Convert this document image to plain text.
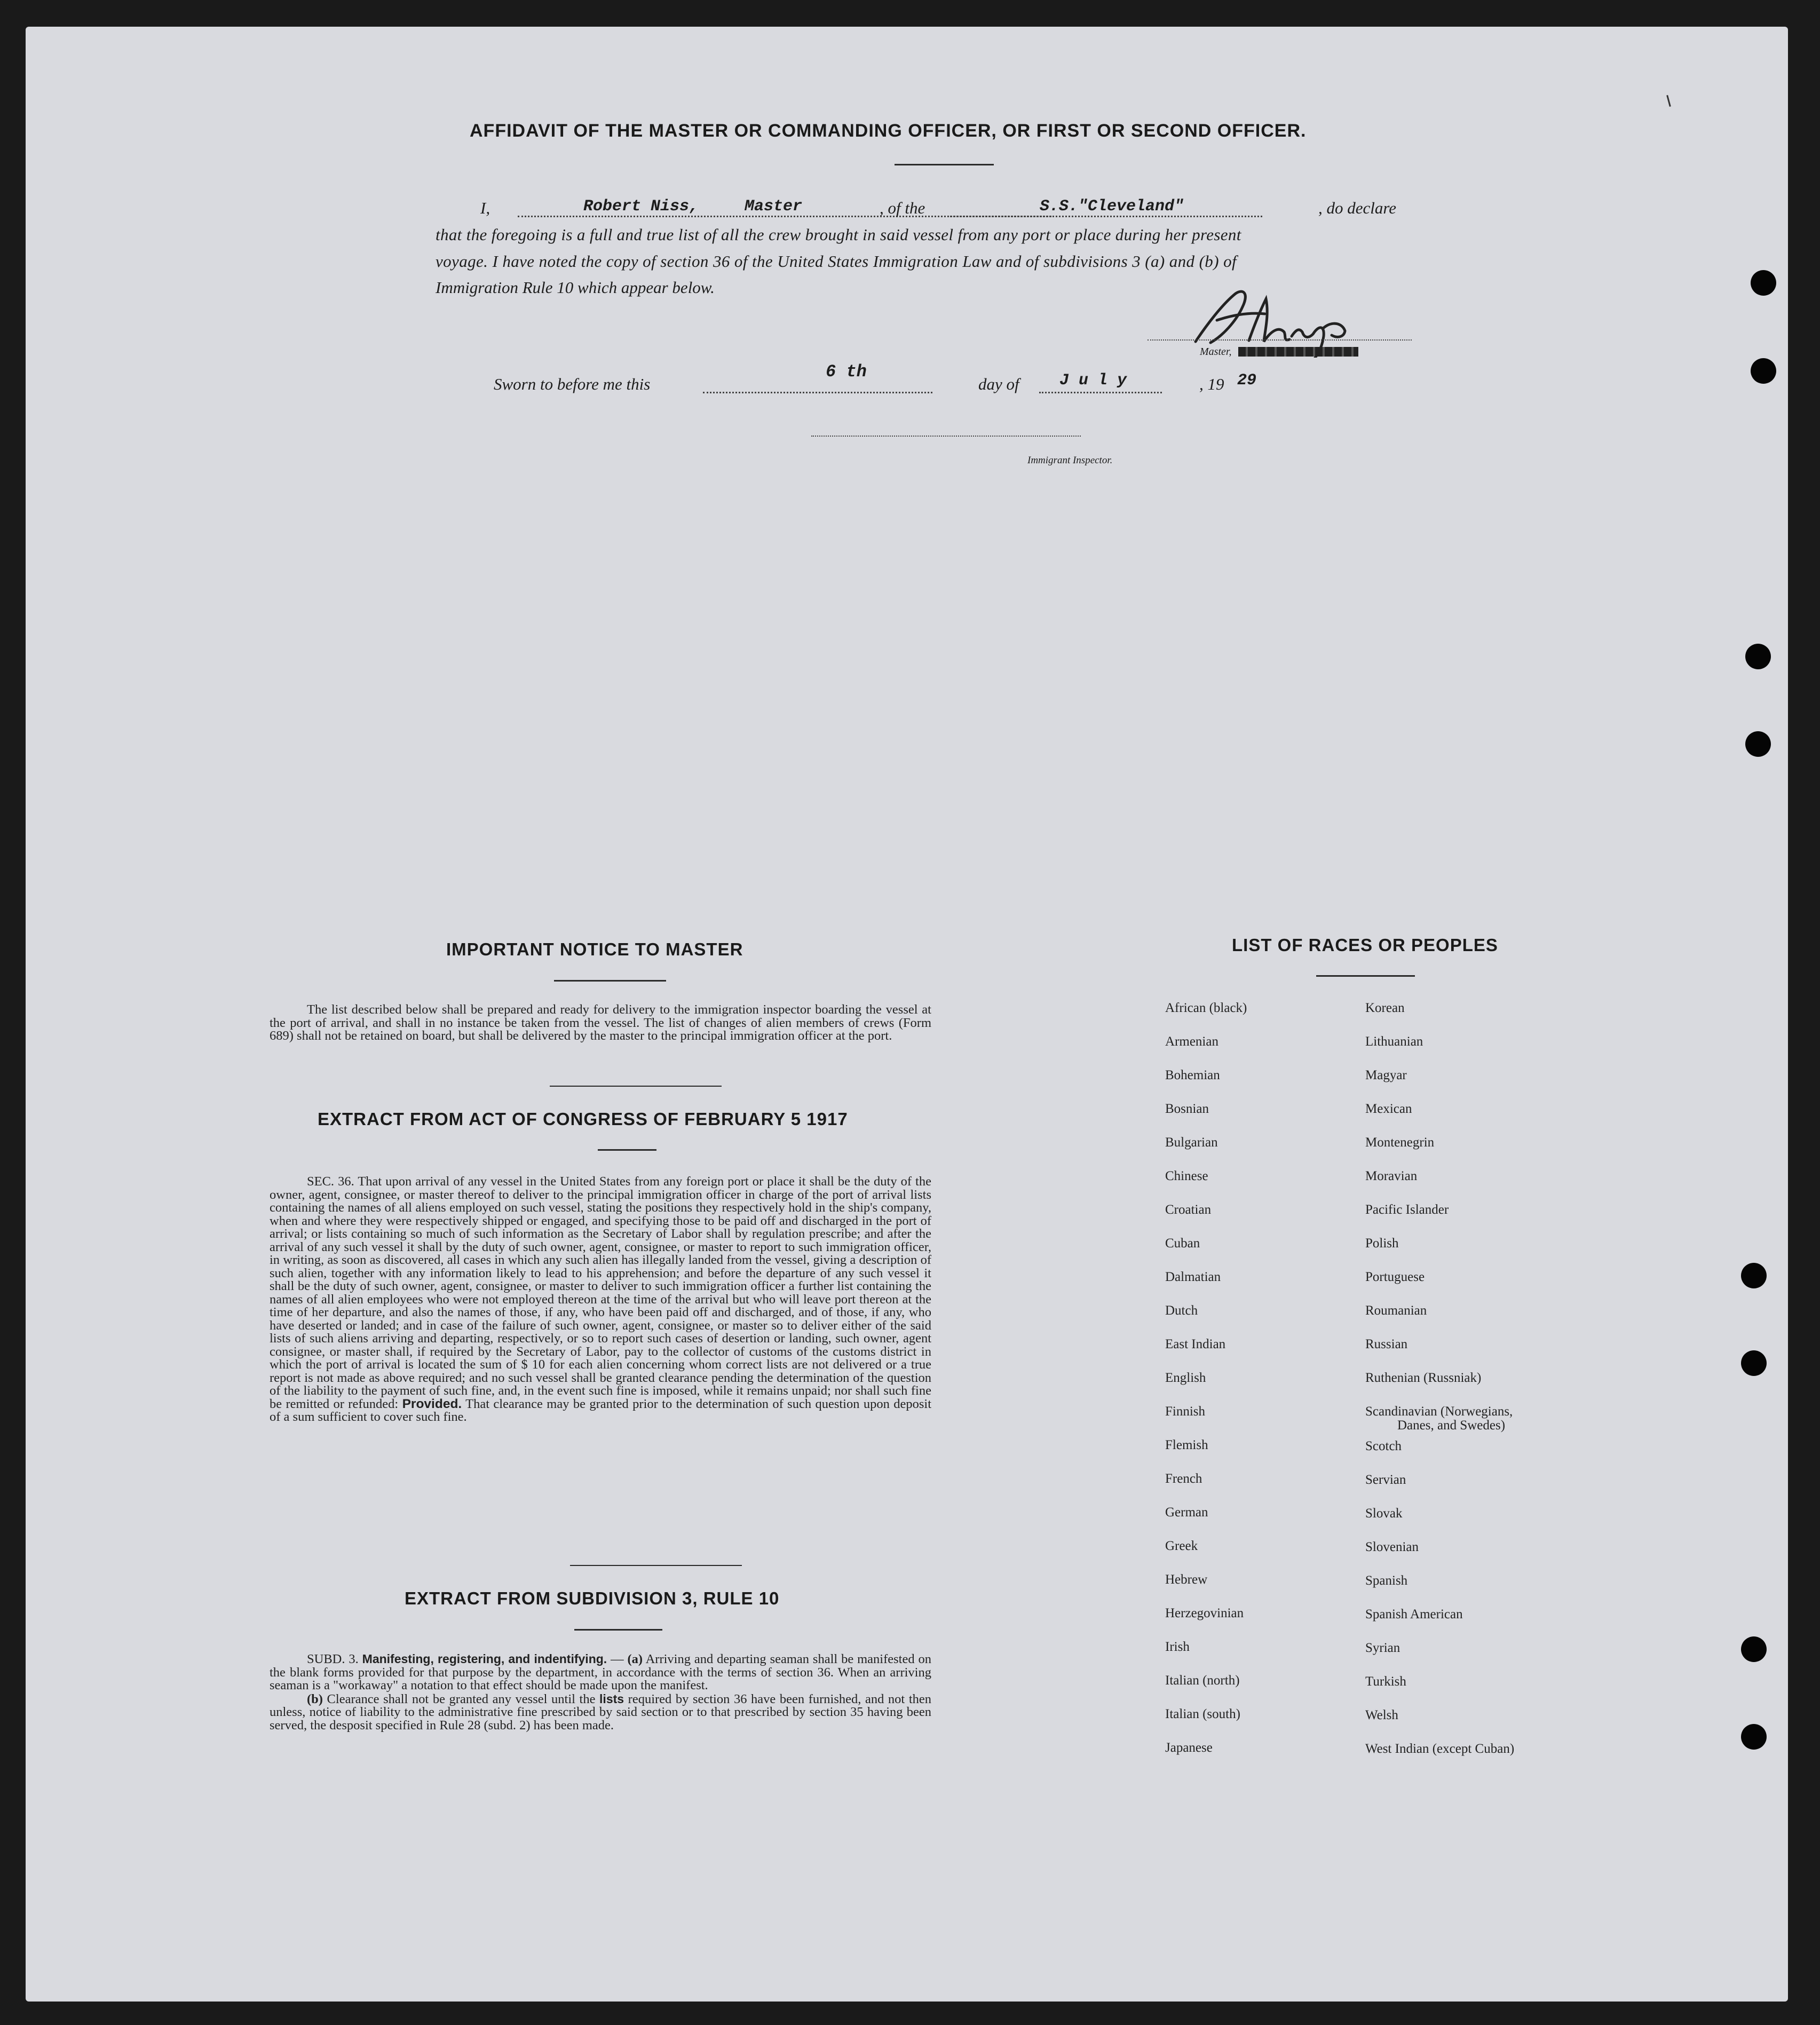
AFFIDAVIT OF THE MASTER OR COMMANDING OFFICER, OR FIRST OR SECOND OFFICER.
I,	Robert Niss,	Master	, of the	S.S."Cleveland"	, do declare
that the foregoing is a full and true list of all the crew brought in said vessel from any port or place during her present
voyage. I have noted the copy of section 36 of the United States Immigration Law and of subdivisions 3 (a) and (b) of
Immigration Rule 10 which appear below.
Master,
Sworn to before me this
6 th
day of	J u l y	, 19 29
Immigrant Inspector.
IMPORTANT NOTICE TO MASTER

The list described below shall be prepared and ready for delivery to the immigration inspector boarding the vessel at the port of arrival, and shall in no instance be taken from the vessel. The list of changes of alien members of crews (Form 689) shall not be retained on board, but shall be delivered by the master to the principal immigration officer at the port.

EXTRACT FROM ACT OF CONGRESS OF FEBRUARY 5 1917

SEC. 36. That upon arrival of any vessel in the United States from any foreign port or place it shall be the duty of the owner, agent, consignee, or master thereof to deliver to the principal immigration officer in charge of the port of arrival lists containing the names of all aliens employed on such vessel, stating the positions they respectively hold in the ship's company, when and where they were respectively shipped or engaged, and specifying those to be paid off and discharged in the port of arrival; or lists containing so much of such information as the Secretary of Labor shall by regulation prescribe; and after the arrival of any such vessel it shall by the duty of such owner, agent, consignee, or master to report to such immigration officer, in writing, as soon as discovered, all cases in which any such alien has illegally landed from the vessel, giving a description of such alien, together with any information likely to lead to his apprehension; and before the departure of any such vessel it shall be the duty of such owner, agent, consignee, or master to deliver to such immigration officer a further list containing the names of all alien employees who were not employed thereon at the time of the arrival but who will leave port thereon at the time of her departure, and also the names of those, if any, who have been paid off and discharged, and of those, if any, who have deserted or landed; and in case of the failure of such owner, agent, consignee, or master so to deliver either of the said lists of such aliens arriving and departing, respectively, or so to report such cases of desertion or landing, such owner, agent consignee, or master shall, if required by the Secretary of Labor, pay to the collector of customs of the customs district in which the port of arrival is located the sum of $ 10 for each alien concerning whom correct lists are not delivered or a true report is not made as above required; and no such vessel shall be granted clearance pending the determination of the question of the liability to the payment of such fine, and, in the event such fine is imposed, while it remains unpaid; nor shall such fine be remitted or refunded: Provided. That clearance may be granted prior to the determination of such question upon deposit of a sum sufficient to cover such fine.

EXTRACT FROM SUBDIVISION 3, RULE 10

SUBD. 3. Manifesting, registering, and indentifying. — (a) Arriving and departing seaman shall be manifested on the blank forms provided for that purpose by the department, in accordance with the terms of section 36. When an arriving seaman is a "workaway" a notation to that effect should be made upon the manifest.

(b) Clearance shall not be granted any vessel until the lists required by section 36 have been furnished, and not then unless, notice of liability to the administrative fine prescribed by said section or to that prescribed by section 35 having been served, the desposit specified in Rule 28 (subd. 2) has been made.

LIST OF RACES OR PEOPLES
African (black)
Armenian
Bohemian
Bosnian
Bulgarian
Chinese
Croatian
Cuban
Dalmatian
Dutch
East Indian
English
Finnish
Flemish
French
German
Greek
Hebrew
Herzegovinian
Irish
Italian (north)
Italian (south)
Japanese
Korean
Lithuanian
Magyar
Mexican
Montenegrin
Moravian
Pacific Islander
Polish
Portuguese
Roumanian
Russian
Ruthenian (Russniak)
Scandinavian (Norwegians,
Danes, and Swedes)
Scotch
Servian
Slovak
Slovenian
Spanish
Spanish American
Syrian
Turkish
Welsh
West Indian (except Cuban)
